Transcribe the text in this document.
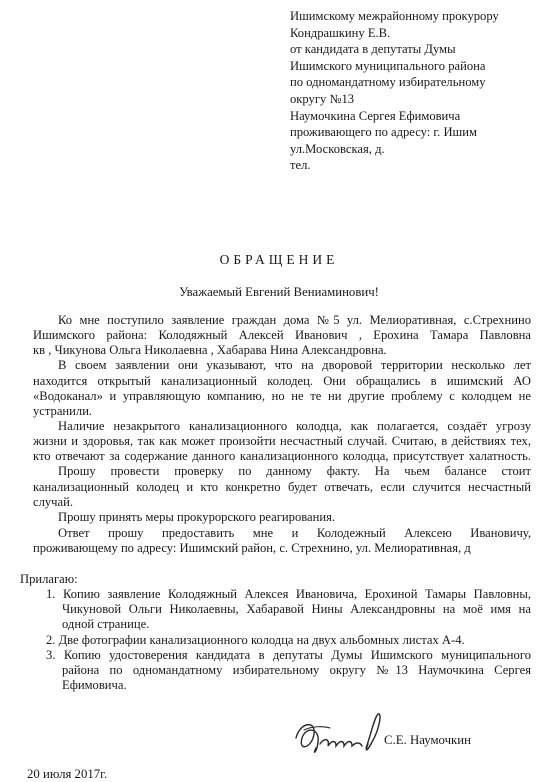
Ишимскому межрайонному прокурору
Кондрашкину Е.В.
от кандидата в депутаты Думы
Ишимского муниципального района
по одномандатному избирательному
округу №13
Наумочкина Сергея Ефимовича
проживающего по адресу: г. Ишим
ул.Московская, д.
тел.
ОБРАЩЕНИЕ
Уважаемый Евгений Вениаминович!
Ко мне поступило заявление граждан дома №5 ул. Мелиоративная, с.Стрехнино
Ишимского района: Колодяжный Алексей Иванович , Ерохина Тамара Павловна
кв , Чикунова Ольга Николаевна , Хабарава Нина Александровна.
В своем заявлении они указывают, что на дворовой территории несколько лет
находится открытый канализационный колодец. Они обращались в ишимский АО
«Водоканал» и управляющую компанию, но не те ни другие проблему с колодцем не
устранили.
Наличие незакрытого канализационного колодца, как полагается, создаёт угрозу
жизни и здоровья, так как может произойти несчастный случай. Считаю, в действиях тех,
кто отвечают за содержание данного канализационного колодца, присутствует халатность.
Прошу провести проверку по данному факту. На чьем балансе стоит
канализационный колодец и кто конкретно будет отвечать, если случится несчастный
случай.
Прошу принять меры прокурорского реагирования.
Ответ прошу предоставить мне и Колодежный Алексею Ивановичу,
проживающему по адресу: Ишимский район, с. Стрехнино, ул. Мелиоративная, д
Прилагаю:
1. Копию заявление Колодяжный Алексея Ивановича, Ерохиной Тамары Павловны,
Чикуновой Ольги Николаевны, Хабаравой Нины Александровны на моё имя на
одной странице.
2. Две фотографии канализационного колодца на двух альбомных листах А-4.
3. Копию удостоверения кандидата в депутаты Думы Ишимского муниципального
района по одномандатному избирательному округу №13 Наумочкина Сергея
Ефимовича.
С.Е. Наумочкин
20 июля 2017г.
